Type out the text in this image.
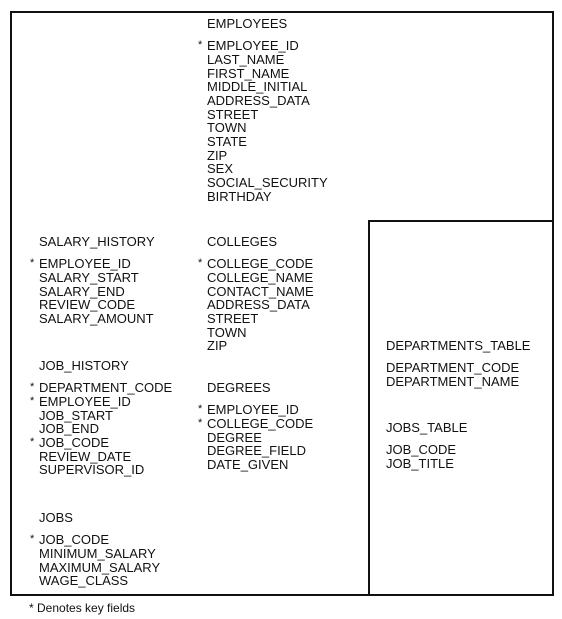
EMPLOYEES
* EMPLOYEE_ID
LAST_NAME
FIRST_NAME
MIDDLE_INITIAL
ADDRESS_DATA
STREET
TOWN
STATE
ZIP
SEX
SOCIAL_SECURITY
BIRTHDAY
SALARY_HISTORY
* EMPLOYEE_ID
SALARY_START
SALARY_END
REVIEW_CODE
SALARY_AMOUNT
COLLEGES
* COLLEGE_CODE
COLLEGE_NAME
CONTACT_NAME
ADDRESS_DATA
STREET
TOWN
ZIP
JOB_HISTORY
* DEPARTMENT_CODE
* EMPLOYEE_ID
JOB_START
JOB_END
* JOB_CODE
REVIEW_DATE
SUPERVISOR_ID
DEGREES
* EMPLOYEE_ID
* COLLEGE_CODE
DEGREE
DEGREE_FIELD
DATE_GIVEN
JOBS
* JOB_CODE
MINIMUM_SALARY
MAXIMUM_SALARY
WAGE_CLASS
DEPARTMENTS_TABLE
DEPARTMENT_CODE
DEPARTMENT_NAME
JOBS_TABLE
JOB_CODE
JOB_TITLE
* Denotes key fields
